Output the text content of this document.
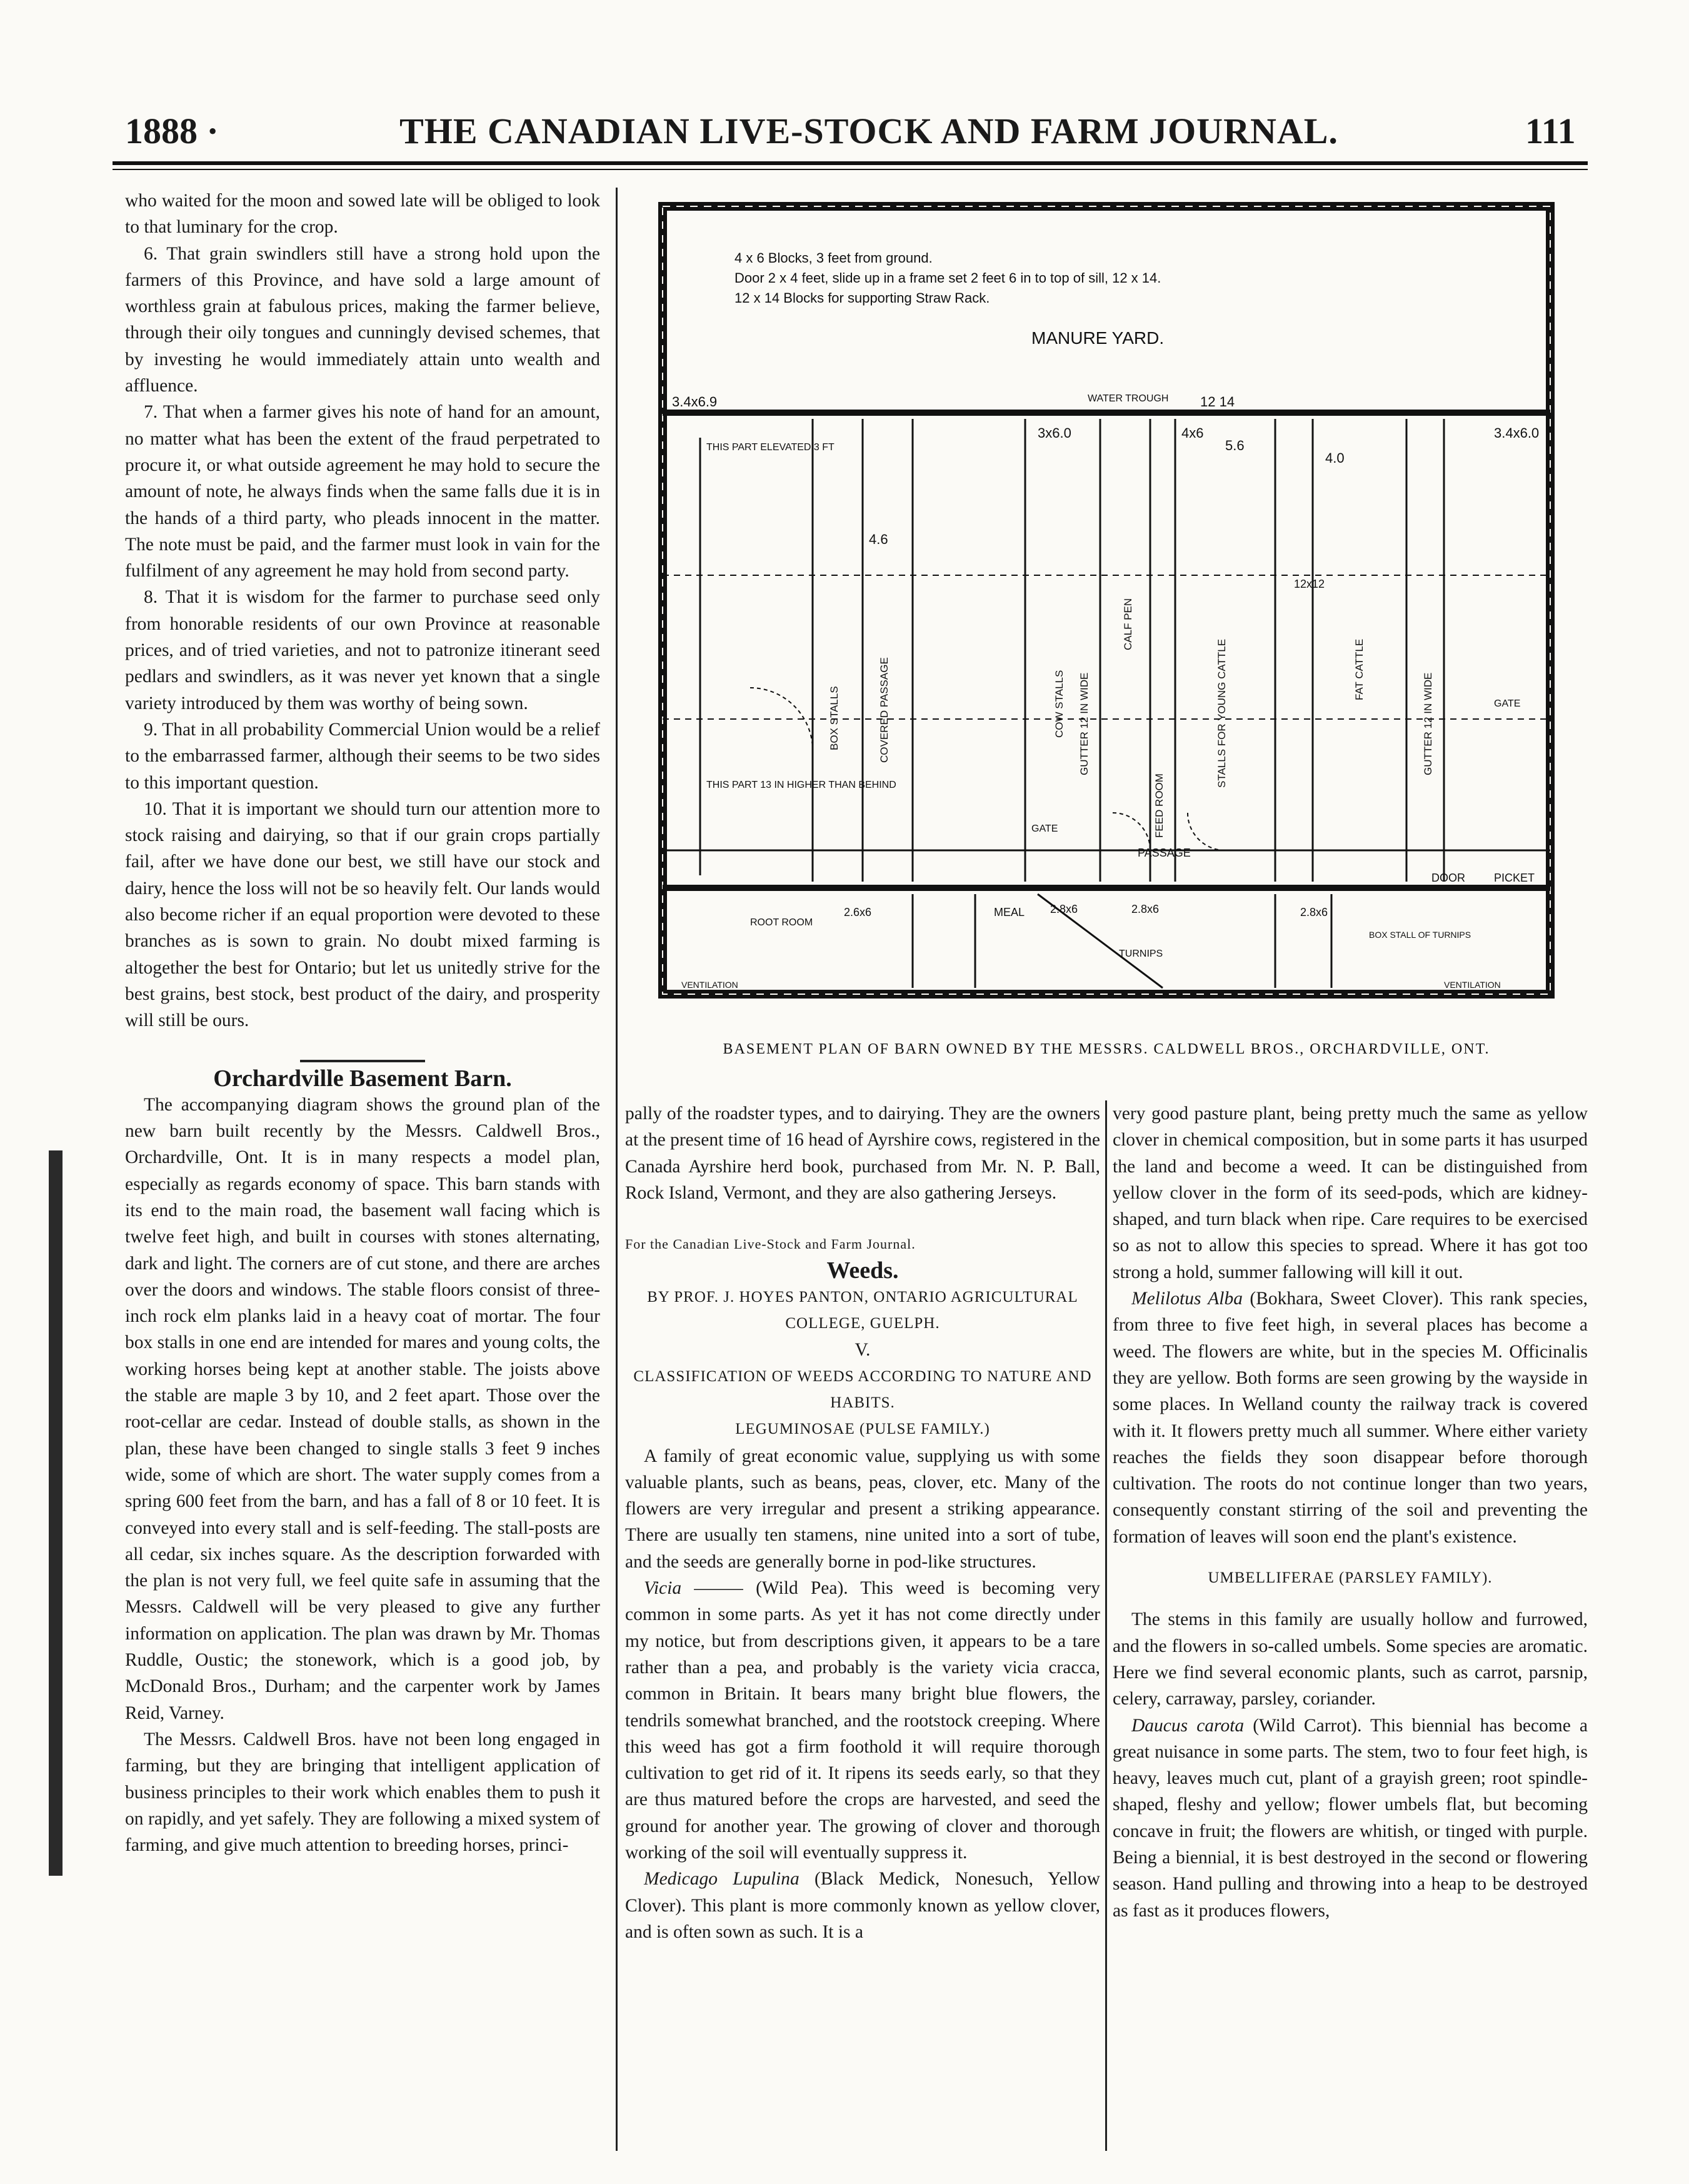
1888 ·	THE CANADIAN LIVE-STOCK AND FARM JOURNAL.	111

who waited for the moon and sowed late will be obliged to look to that luminary for the crop.

6. That grain swindlers still have a strong hold upon the farmers of this Province, and have sold a large amount of worthless grain at fabulous prices, making the farmer believe, through their oily tongues and cunningly devised schemes, that by investing he would immediately attain unto wealth and affluence.

7. That when a farmer gives his note of hand for an amount, no matter what has been the extent of the fraud perpetrated to procure it, or what outside agreement he may hold to secure the amount of note, he always finds when the same falls due it is in the hands of a third party, who pleads innocent in the matter. The note must be paid, and the farmer must look in vain for the fulfilment of any agreement he may hold from second party.

8. That it is wisdom for the farmer to purchase seed only from honorable residents of our own Province at reasonable prices, and of tried varieties, and not to patronize itinerant seed pedlars and swindlers, as it was never yet known that a single variety introduced by them was worthy of being sown.

9. That in all probability Commercial Union would be a relief to the embarrassed farmer, although their seems to be two sides to this important question.

10. That it is important we should turn our attention more to stock raising and dairying, so that if our grain crops partially fail, after we have done our best, we still have our stock and dairy, hence the loss will not be so heavily felt. Our lands would also become richer if an equal proportion were devoted to these branches as is sown to grain. No doubt mixed farming is altogether the best for Ontario; but let us unitedly strive for the best grains, best stock, best product of the dairy, and prosperity will still be ours.

Orchardville Basement Barn.

The accompanying diagram shows the ground plan of the new barn built recently by the Messrs. Caldwell Bros., Orchardville, Ont. It is in many respects a model plan, especially as regards economy of space. This barn stands with its end to the main road, the basement wall facing which is twelve feet high, and built in courses with stones alternating, dark and light. The corners are of cut stone, and there are arches over the doors and windows. The stable floors consist of three-inch rock elm planks laid in a heavy coat of mortar. The four box stalls in one end are intended for mares and young colts, the working horses being kept at another stable. The joists above the stable are maple 3 by 10, and 2 feet apart. Those over the root-cellar are cedar. Instead of double stalls, as shown in the plan, these have been changed to single stalls 3 feet 9 inches wide, some of which are short. The water supply comes from a spring 600 feet from the barn, and has a fall of 8 or 10 feet. It is conveyed into every stall and is self-feeding. The stall-posts are all cedar, six inches square. As the description forwarded with the plan is not very full, we feel quite safe in assuming that the Messrs. Caldwell will be very pleased to give any further information on application. The plan was drawn by Mr. Thomas Ruddle, Oustic; the stonework, which is a good job, by McDonald Bros., Durham; and the carpenter work by James Reid, Varney.

The Messrs. Caldwell Bros. have not been long engaged in farming, but they are bringing that intelligent application of business principles to their work which enables them to push it on rapidly, and yet safely. They are following a mixed system of farming, and give much attention to breeding horses, princi-

4 x 6 Blocks, 3 feet from ground.
Door 2 x 4 feet, slide up in a frame set 2 feet 6 in to top of sill, 12 x 14.
12 x 14 Blocks for supporting Straw Rack.
MANURE YARD.
3.4x6.9	12 14
3.4x6.0
3x6.0	4x6
5.6
4.0
4.6
WATER TROUGH
THIS PART ELEVATED 3 FT
THIS PART 13 IN HIGHER THAN BEHIND
12x12
PASSAGE
DOOR	PICKET
ROOT ROOM
2.6x6	MEAL 2.8x6	2.8x6	2.8x6
TURNIPS
BOX STALL OF TURNIPS
VENTILATION	VENTILATION
GATE
GATE
BOX STALLS	COVERED PASSAGE	COW STALLS GUTTER 12 IN WIDE
CALF PEN
FEED ROOM
STALLS FOR YOUNG CATTLE	FAT CATTLE
GUTTER 12 IN WIDE
BASEMENT PLAN OF BARN OWNED BY THE MESSRS. CALDWELL BROS., ORCHARDVILLE, ONT.

pally of the roadster types, and to dairying. They are the owners at the present time of 16 head of Ayrshire cows, registered in the Canada Ayrshire herd book, purchased from Mr. N. P. Ball, Rock Island, Vermont, and they are also gathering Jerseys.

For the Canadian Live-Stock and Farm Journal.

Weeds.

BY PROF. J. HOYES PANTON, ONTARIO AGRICULTURAL COLLEGE, GUELPH.

V.

CLASSIFICATION OF WEEDS ACCORDING TO NATURE AND HABITS.

LEGUMINOSAE (PULSE FAMILY.)

A family of great economic value, supplying us with some valuable plants, such as beans, peas, clover, etc. Many of the flowers are very irregular and present a striking appearance. There are usually ten stamens, nine united into a sort of tube, and the seeds are generally borne in pod-like structures.

Vicia ——— (Wild Pea). This weed is becoming very common in some parts. As yet it has not come directly under my notice, but from descriptions given, it appears to be a tare rather than a pea, and probably is the variety vicia cracca, common in Britain. It bears many bright blue flowers, the tendrils somewhat branched, and the rootstock creeping. Where this weed has got a firm foothold it will require thorough cultivation to get rid of it. It ripens its seeds early, so that they are thus matured before the crops are harvested, and seed the ground for another year. The growing of clover and thorough working of the soil will eventually suppress it.

Medicago Lupulina (Black Medick, Nonesuch, Yellow Clover). This plant is more commonly known as yellow clover, and is often sown as such. It is a

very good pasture plant, being pretty much the same as yellow clover in chemical composition, but in some parts it has usurped the land and become a weed. It can be distinguished from yellow clover in the form of its seed-pods, which are kidney-shaped, and turn black when ripe. Care requires to be exercised so as not to allow this species to spread. Where it has got too strong a hold, summer fallowing will kill it out.

Melilotus Alba (Bokhara, Sweet Clover). This rank species, from three to five feet high, in several places has become a weed. The flowers are white, but in the species M. Officinalis they are yellow. Both forms are seen growing by the wayside in some places. In Welland county the railway track is covered with it. It flowers pretty much all summer. Where either variety reaches the fields they soon disappear before thorough cultivation. The roots do not continue longer than two years, consequently constant stirring of the soil and preventing the formation of leaves will soon end the plant's existence.

UMBELLIFERAE (PARSLEY FAMILY).

The stems in this family are usually hollow and furrowed, and the flowers in so-called umbels. Some species are aromatic. Here we find several economic plants, such as carrot, parsnip, celery, carraway, parsley, coriander.

Daucus carota (Wild Carrot). This biennial has become a great nuisance in some parts. The stem, two to four feet high, is heavy, leaves much cut, plant of a grayish green; root spindle-shaped, fleshy and yellow; flower umbels flat, but becoming concave in fruit; the flowers are whitish, or tinged with purple. Being a biennial, it is best destroyed in the second or flowering season. Hand pulling and throwing into a heap to be destroyed as fast as it produces flowers,
